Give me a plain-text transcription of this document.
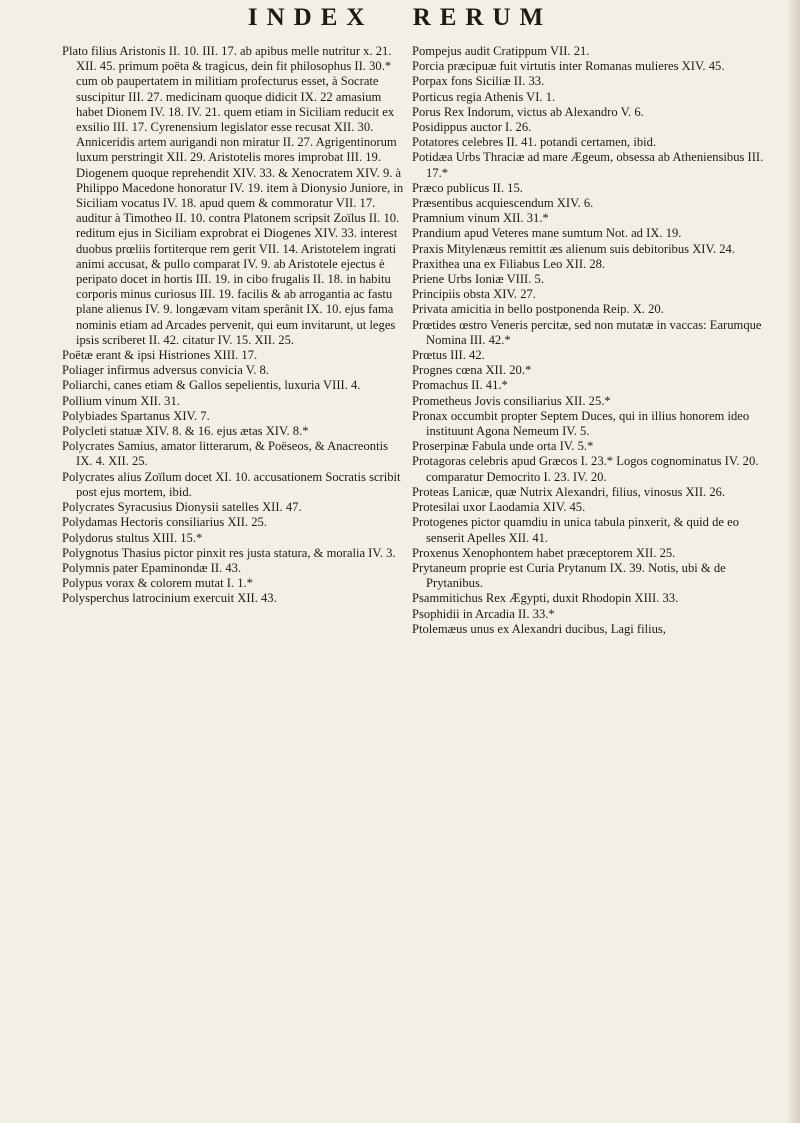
INDEX RERUM

Plato filius Aristonis II. 10. III. 17. ab apibus melle nutritur x. 21. XII. 45. primum poëta & tragicus, dein fit philosophus II. 30.* cum ob paupertatem in militiam profecturus esset, à Socrate suscipitur III. 27. medicinam quoque didicit IX. 22 amasium habet Dionem IV. 18. IV. 21. quem etiam in Siciliam reducit ex exsilio III. 17. Cyrenensium legislator esse recusat XII. 30. Anniceridis artem aurigandi non miratur II. 27. Agrigentinorum luxum perstringit XII. 29. Aristotelis mores improbat III. 19. Diogenem quoque reprehendit XIV. 33. & Xenocratem XIV. 9. à Philippo Macedone honoratur IV. 19. item à Dionysio Juniore, in Siciliam vocatus IV. 18. apud quem & commoratur VII. 17. auditur à Timotheo II. 10. contra Platonem scripsit Zoïlus II. 10. reditum ejus in Siciliam exprobrat ei Diogenes XIV. 33. interest duobus prœliis fortiterque rem gerit VII. 14. Aristotelem ingrati animi accusat, & pullo comparat IV. 9. ab Aristotele ejectus è peripato docet in hortis III. 19. in cibo frugalis II. 18. in habitu corporis minus curiosus III. 19. facilis & ab arrogantia ac fastu plane alienus IV. 9. longævam vitam sperânit IX. 10. ejus fama nominis etiam ad Arcades pervenit, qui eum invitarunt, ut leges ipsis scriberet II. 42. citatur IV. 15. XII. 25.

Poëtæ erant & ipsi Histriones XIII. 17.

Poliager infirmus adversus convicia V. 8.

Poliarchi, canes etiam & Gallos sepelientis, luxuria VIII. 4.

Pollium vinum XII. 31.

Polybiades Spartanus XIV. 7.

Polycleti statuæ XIV. 8. & 16. ejus ætas XIV. 8.*

Polycrates Samius, amator litterarum, & Poëseos, & Anacreontis IX. 4. XII. 25.

Polycrates alius Zoïlum docet XI. 10. accusationem Socratis scribit post ejus mortem, ibid.

Polycrates Syracusius Dionysii satelles XII. 47.

Polydamas Hectoris consiliarius XII. 25.

Polydorus stultus XIII. 15.*

Polygnotus Thasius pictor pinxit res justa statura, & moralia IV. 3.

Polymnis pater Epaminondæ II. 43.

Polypus vorax & colorem mutat I. 1.*

Polysperchus latrocinium exercuit XII. 43.

Pompejus audit Cratippum VII. 21.

Porcia præcipuæ fuit virtutis inter Romanas mulieres XIV. 45.

Porpax fons Siciliæ II. 33.

Porticus regia Athenis VI. 1.

Porus Rex Indorum, victus ab Alexandro V. 6.

Posidippus auctor I. 26.

Potatores celebres II. 41. potandi certamen, ibid.

Potidæa Urbs Thraciæ ad mare Ægeum, obsessa ab Atheniensibus III. 17.*

Præco publicus II. 15.

Præsentibus acquiescendum XIV. 6.

Pramnium vinum XII. 31.*

Prandium apud Veteres mane sumtum Not. ad IX. 19.

Praxis Mitylenæus remittit æs alienum suis debitoribus XIV. 24.

Praxithea una ex Filiabus Leo XII. 28.

Priene Urbs Ioniæ VIII. 5.

Principiis obsta XIV. 27.

Privata amicitia in bello postponenda Reip. X. 20.

Prœtides œstro Veneris percitæ, sed non mutatæ in vaccas: Earumque Nomina III. 42.*

Prœtus III. 42.

Prognes cœna XII. 20.*

Promachus II. 41.*

Prometheus Jovis consiliarius XII. 25.*

Pronax occumbit propter Septem Duces, qui in illius honorem ideo instituunt Agona Nemeum IV. 5.

Proserpinæ Fabula unde orta IV. 5.*

Protagoras celebris apud Græcos I. 23.* Logos cognominatus IV. 20. comparatur Democrito I. 23. IV. 20.

Proteas Lanicæ, quæ Nutrix Alexandri, filius, vinosus XII. 26.

Protesilai uxor Laodamia XIV. 45.

Protogenes pictor quamdiu in unica tabula pinxerit, & quid de eo senserit Apelles XII. 41.

Proxenus Xenophontem habet præceptorem XII. 25.

Prytaneum proprie est Curia Prytanum IX. 39. Notis, ubi & de Prytanibus.

Psammitichus Rex Ægypti, duxit Rhodopin XIII. 33.

Psophidii in Arcadia II. 33.*

Ptolemæus unus ex Alexandri ducibus, Lagi filius,
